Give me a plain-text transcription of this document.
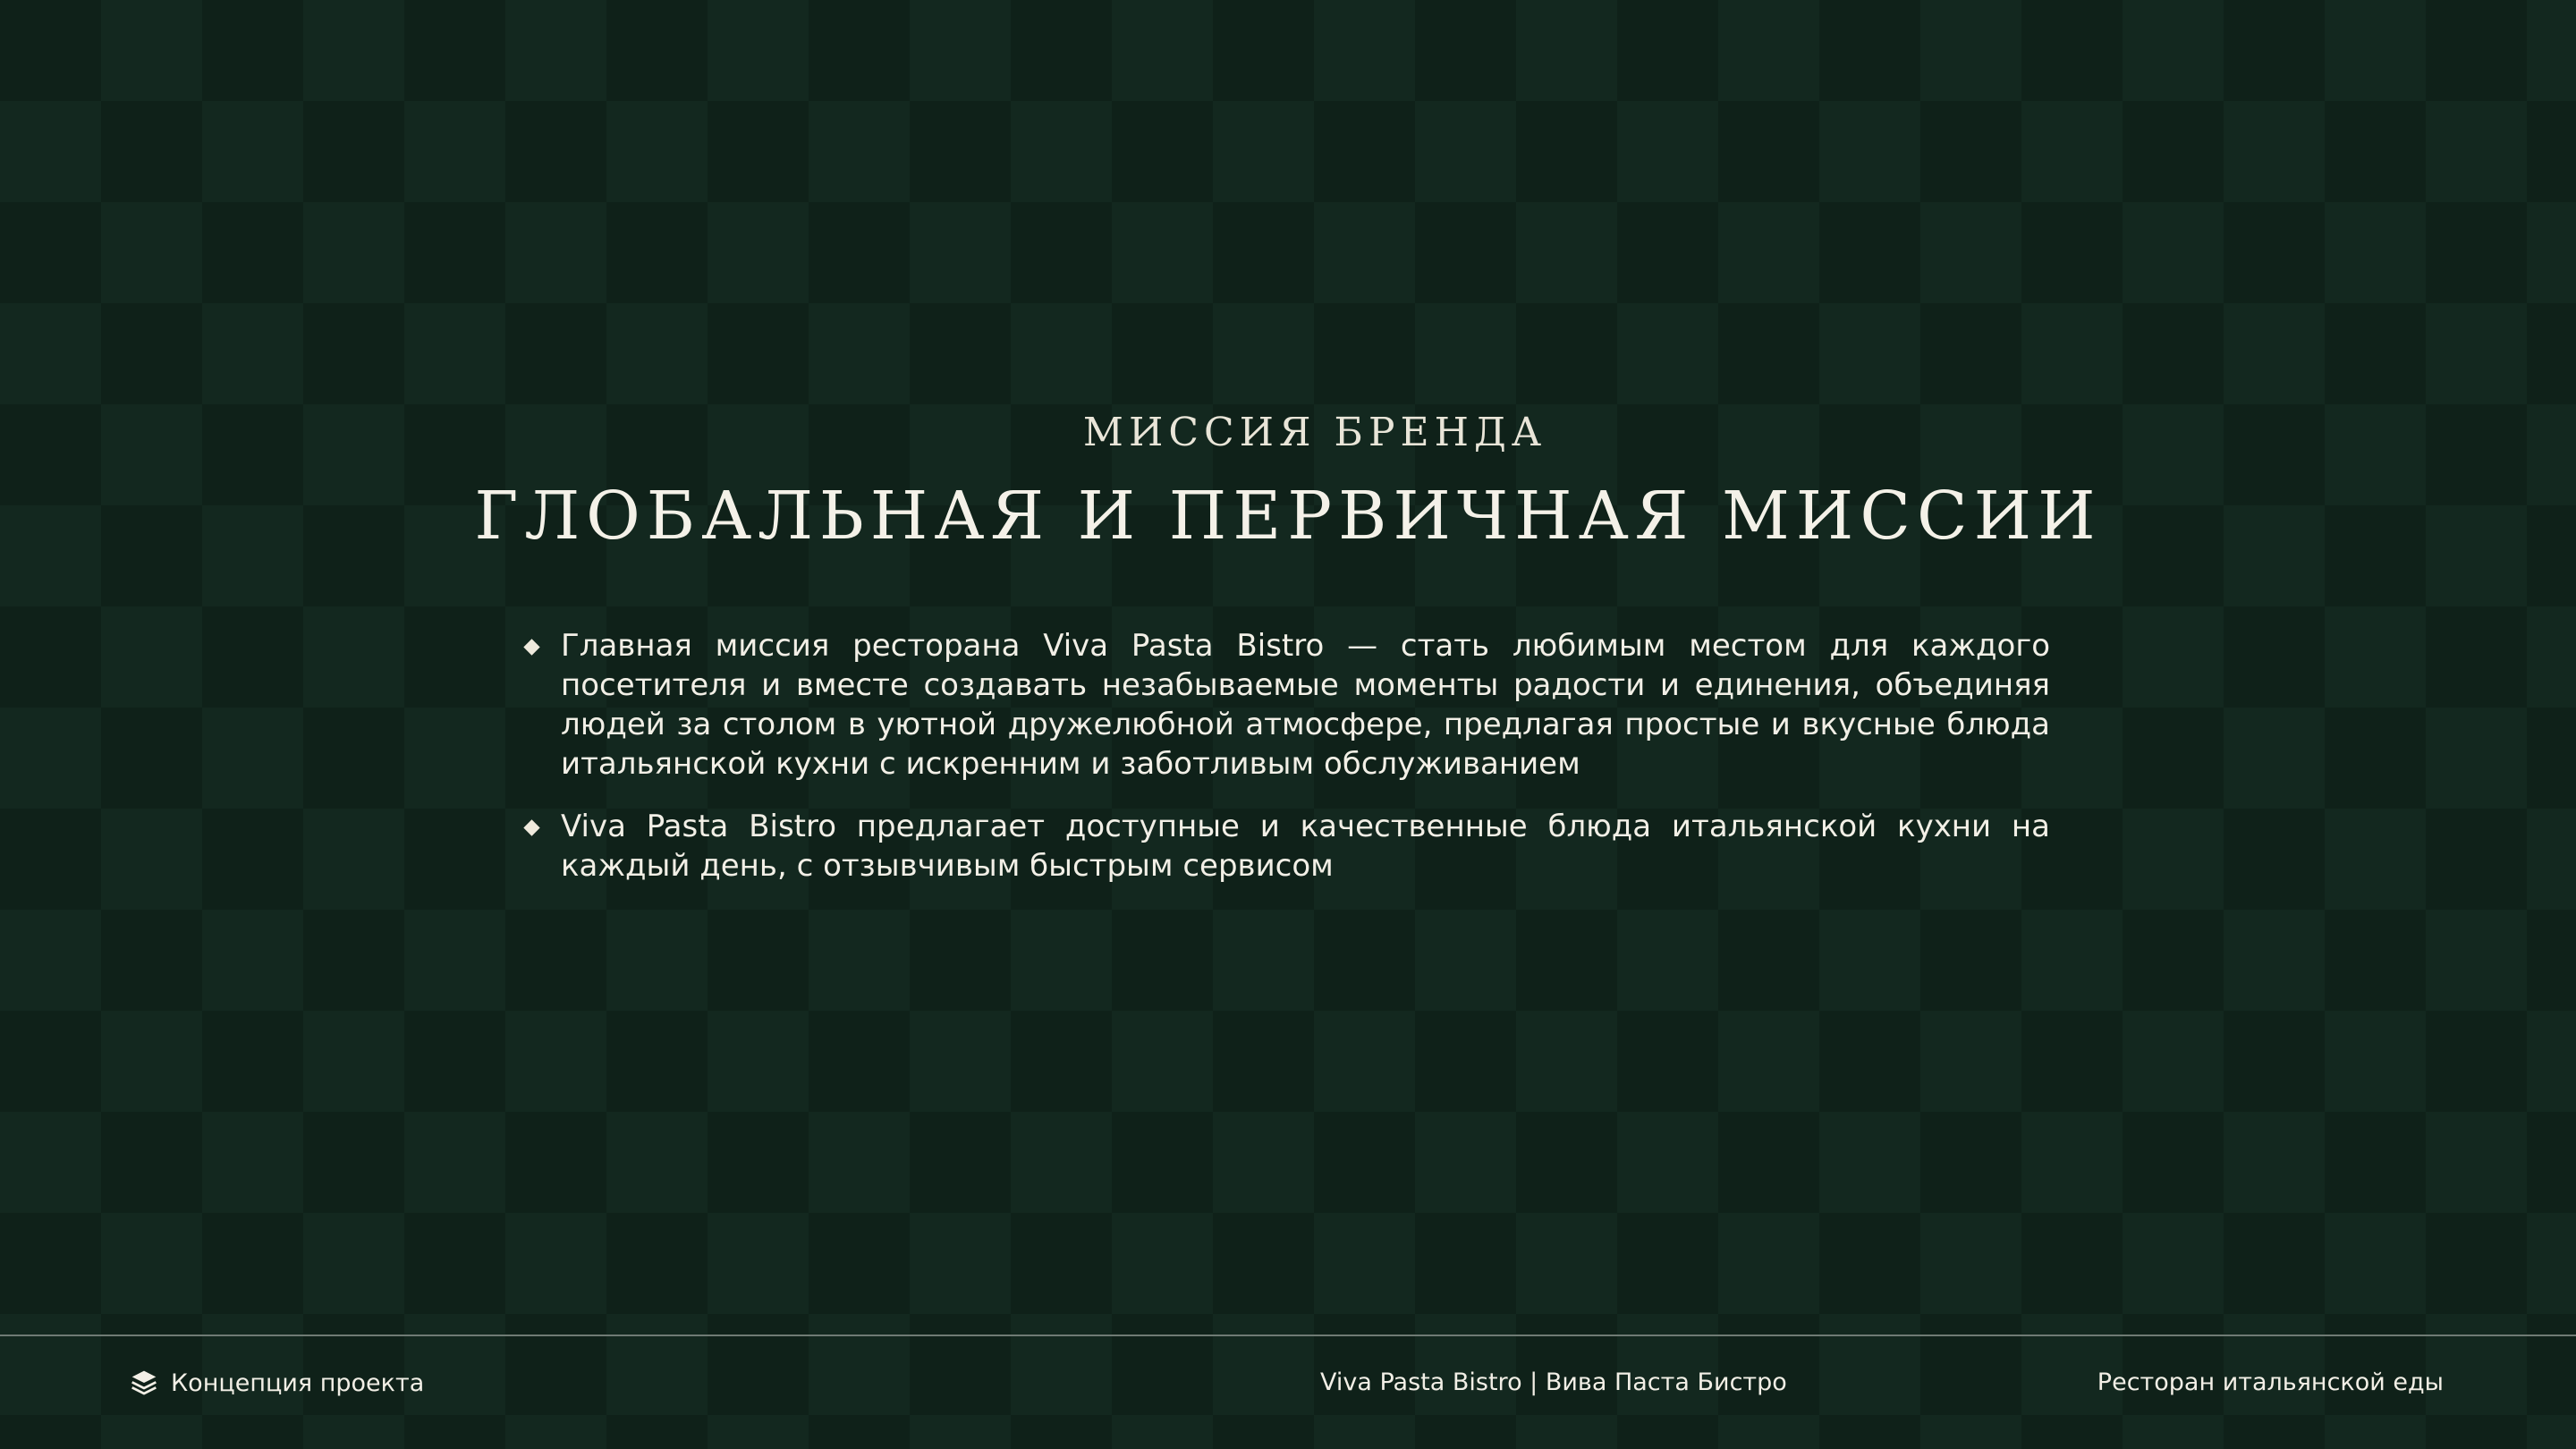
МИССИЯ БРЕНДА
ГЛОБАЛЬНАЯ И ПЕРВИЧНАЯ МИССИИ
Главная миссия ресторана Viva Pasta Bistro — стать любимым местом для каждого посетителя и вместе создавать незабываемые моменты радости и единения, объединяя людей за столом в уютной дружелюбной атмосфере, предлагая простые и вкусные блюда итальянской кухни с искренним и заботливым обслуживанием
Viva Pasta Bistro предлагает доступные и качественные блюда итальянской кухни на каждый день, с отзывчивым быстрым сервисом
Концепция проекта	Viva Pasta Bistro | Вива Паста Бистро	Ресторан итальянской еды
